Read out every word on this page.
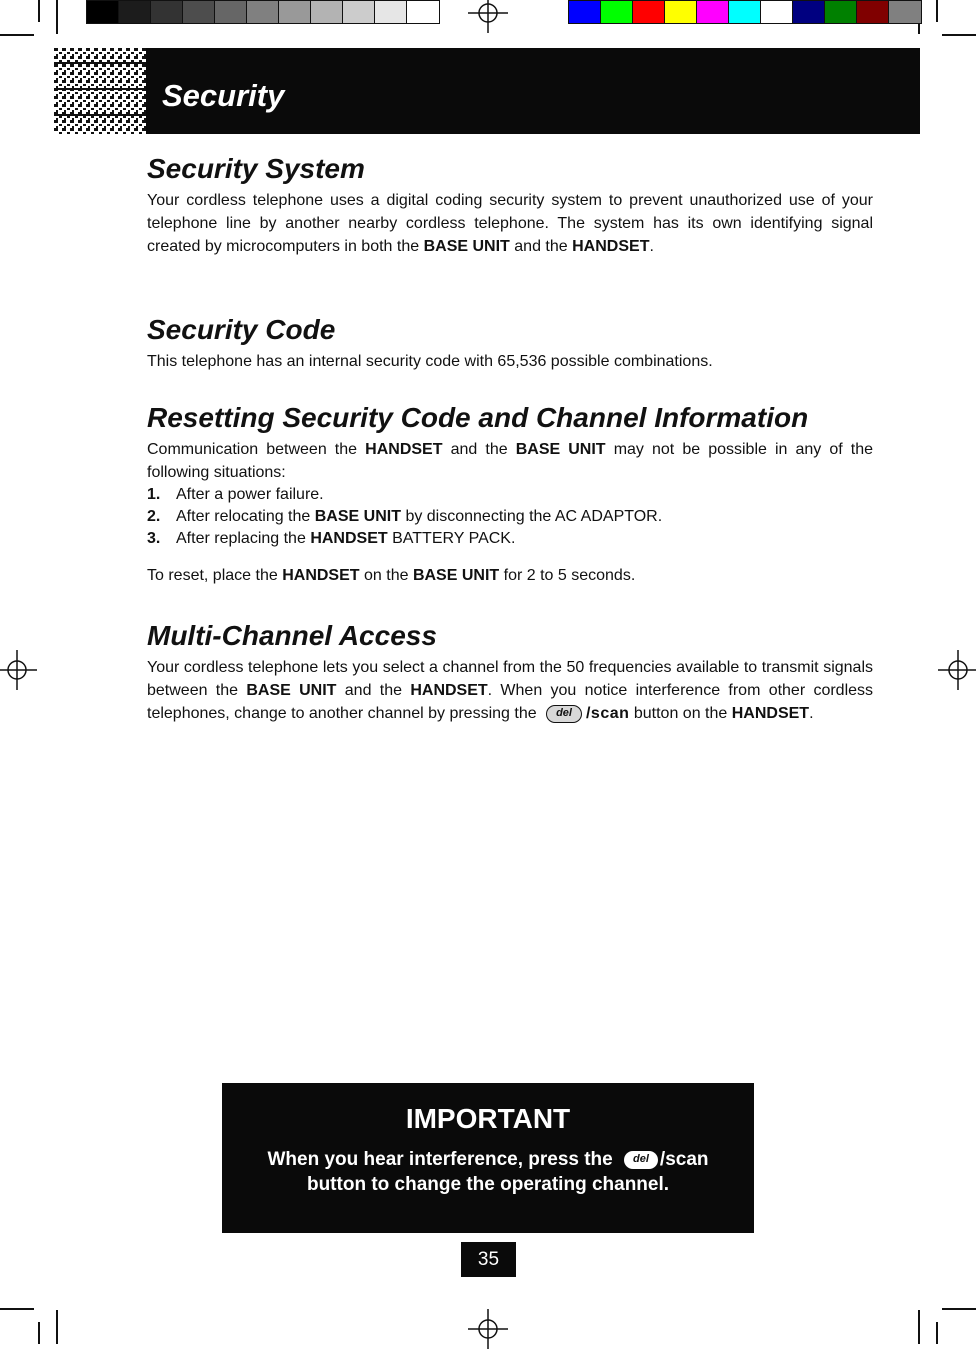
Security
Security System

Your cordless telephone uses a digital coding security system to prevent unauthorized use of your telephone line by another nearby cordless telephone. The system has its own identifying signal created by microcomputers in both the BASE UNIT and the HANDSET.

Security Code

This telephone has an internal security code with 65,536 possible combinations.

Resetting Security Code and Channel Information

Communication between the HANDSET and the BASE UNIT may not be possible in any of the following situations:

1. After a power failure.
2. After relocating the BASE UNIT by disconnecting the AC ADAPTOR.
3. After replacing the HANDSET BATTERY PACK.

To reset, place the HANDSET on the BASE UNIT for 2 to 5 seconds.

Multi-Channel Access

Your cordless telephone lets you select a channel from the 50 frequencies available to transmit signals between the BASE UNIT and the HANDSET. When you notice interference from other cordless telephones, change to another channel by pressing the del /scan button on the HANDSET.

IMPORTANT
When you hear interference, press the del /scan
button to change the operating channel.
35
